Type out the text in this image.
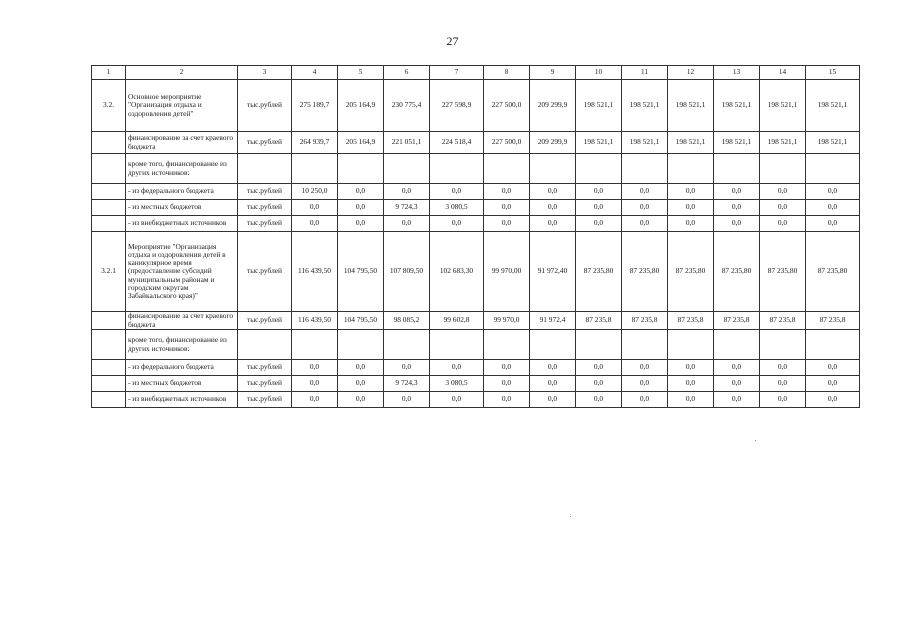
27
1	2	3	4	5	6	7	8	9	10	11	12	13	14	15
3.2.	Основное мероприятие "Организация отдыха и оздоровления детей"	тыс.рублей	275 189,7	205 164,9	230 775,4	227 598,9	227 500,0	209 299,9	198 521,1	198 521,1	198 521,1	198 521,1	198 521,1	198 521,1
	финансирование за счет краевого бюджета	тыс.рублей	264 939,7	205 164,9	221 051,1	224 518,4	227 500,0	209 299,9	198 521,1	198 521,1	198 521,1	198 521,1	198 521,1	198 521,1
	кроме того, финансирование из других источников:													
	- из федерального бюджета	тыс.рублей	10 250,0	0,0	0,0	0,0	0,0	0,0	0,0	0,0	0,0	0,0	0,0	0,0
	- из местных бюджетов	тыс.рублей	0,0	0,0	9 724,3	3 080,5	0,0	0,0	0,0	0,0	0,0	0,0	0,0	0,0
	- из внебюджетных источников	тыс.рублей	0,0	0,0	0,0	0,0	0,0	0,0	0,0	0,0	0,0	0,0	0,0	0,0
3.2.1	Мероприятие "Организация отдыха и оздоровления детей в каникулярное время (предоставление субсидий муниципальным районам и городским округам Забайкальского края)"	тыс.рублей	116 439,50	104 795,50	107 809,50	102 683,30	99 970,00	91 972,40	87 235,80	87 235,80	87 235,80	87 235,80	87 235,80	87 235,80
	финансирование за счет краевого бюджета	тыс.рублей	116 439,50	104 795,50	98 085,2	99 602,8	99 970,0	91 972,4	87 235,8	87 235,8	87 235,8	87 235,8	87 235,8	87 235,8
	кроме того, финансирование из других источников:													
	- из федерального бюджета	тыс.рублей	0,0	0,0	0,0	0,0	0,0	0,0	0,0	0,0	0,0	0,0	0,0	0,0
	- из местных бюджетов	тыс.рублей	0,0	0,0	9 724,3	3 080,5	0,0	0,0	0,0	0,0	0,0	0,0	0,0	0,0
	- из внебюджетных источников	тыс.рублей	0,0	0,0	0,0	0,0	0,0	0,0	0,0	0,0	0,0	0,0	0,0	0,0
